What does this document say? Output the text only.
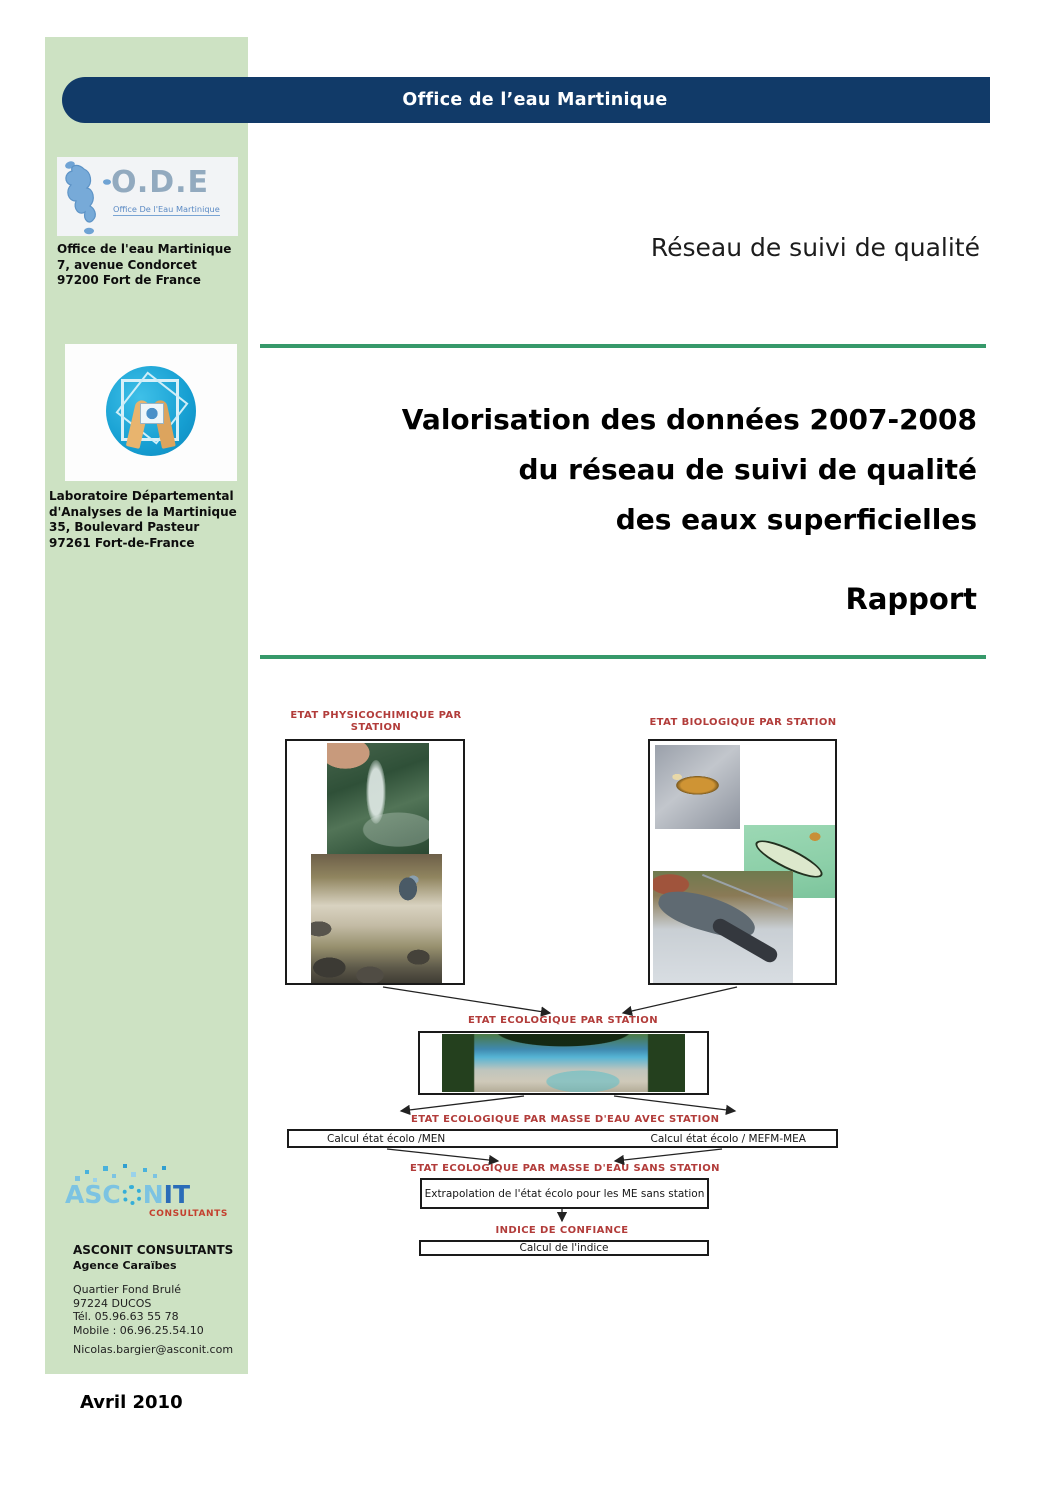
Office de l’eau Martinique
O.D.E
Office De l'Eau Martinique
Office de l'eau Martinique
7, avenue Condorcet
97200 Fort de France
Laboratoire Départemental
d'Analyses de la Martinique
35, Boulevard Pasteur
97261 Fort-de-France
Réseau de suivi de qualité
Valorisation des données 2007-2008
du réseau de suivi de qualité
des eaux superficielles
Rapport
ETAT PHYSICOCHIMIQUE PAR STATION	ETAT BIOLOGIQUE PAR STATION
ETAT ECOLOGIQUE PAR STATION
ETAT ECOLOGIQUE PAR MASSE D'EAU AVEC STATION
Calcul état écolo /MEN	Calcul état écolo / MEFM-MEA
ETAT ECOLOGIQUE PAR MASSE D'EAU SANS STATION
Extrapolation de l'état écolo pour les ME sans station
INDICE DE CONFIANCE
Calcul de l'indice
ASC NIT
CONSULTANTS
ASCONIT CONSULTANTS
Agence Caraïbes
Quartier Fond Brulé
97224 DUCOS
Tél. 05.96.63 55 78
Mobile : 06.96.25.54.10
Nicolas.bargier@asconit.com
Avril 2010
